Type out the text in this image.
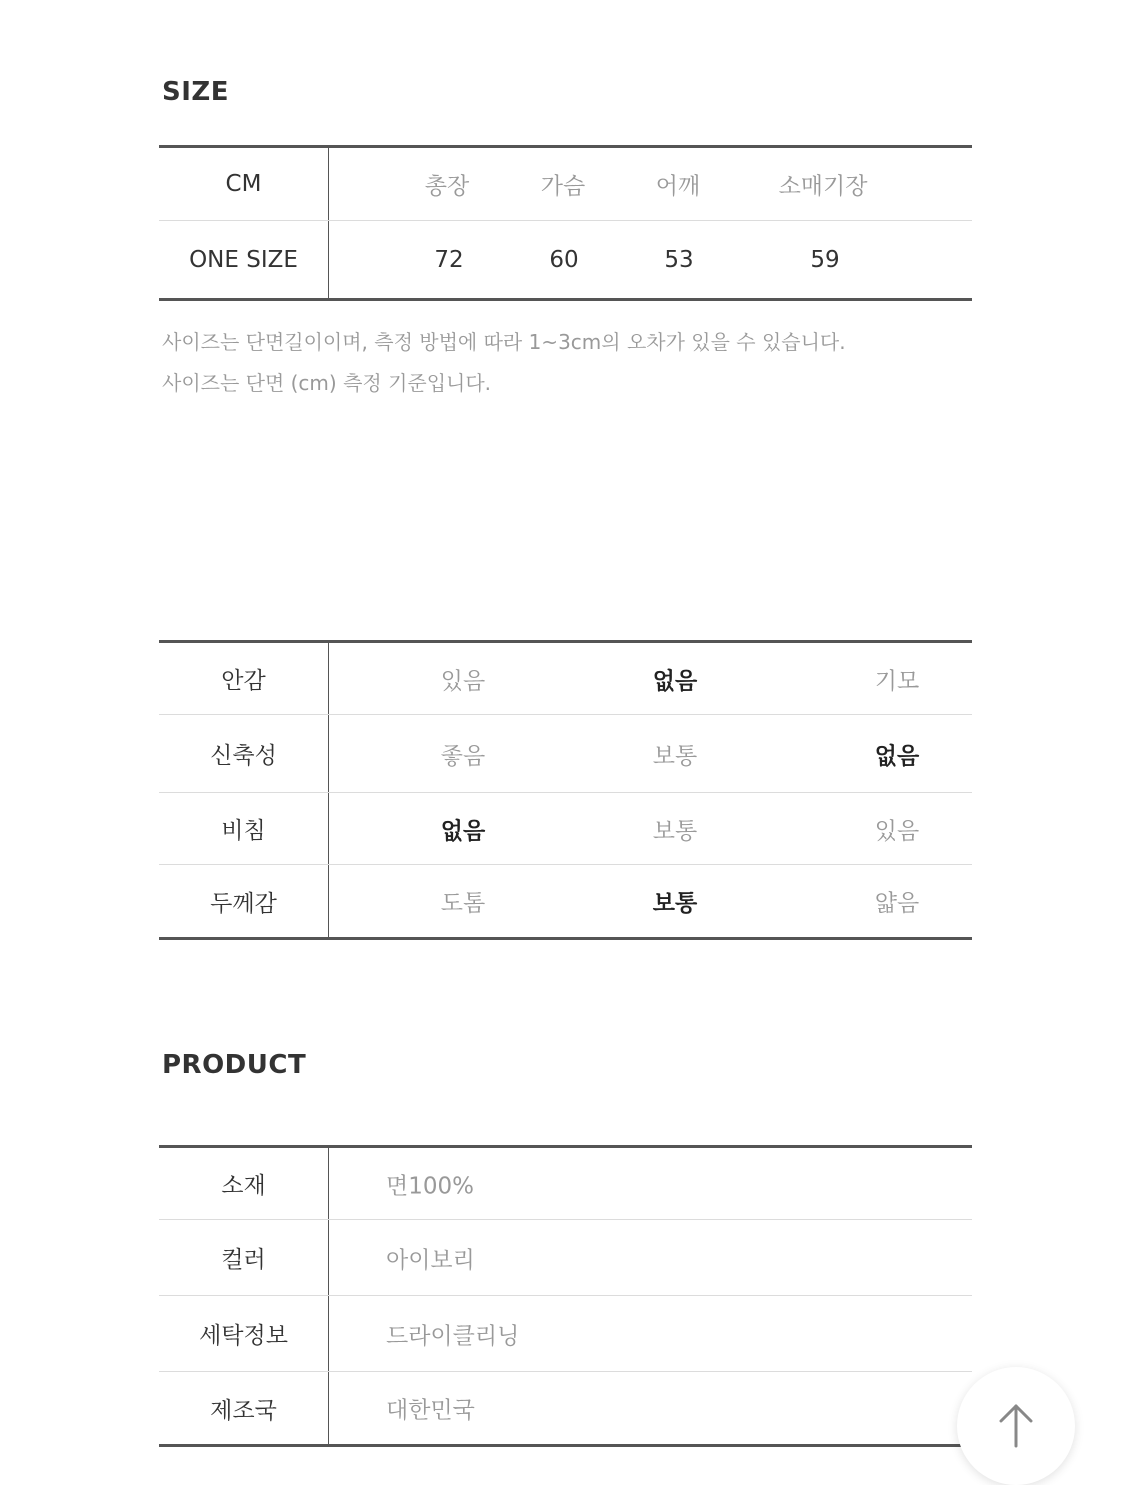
SIZE
CM	총장	가슴	어깨	소매기장
ONE SIZE	72	60	53	59

사이즈는 단면길이이며, 측정 방법에 따라 1~3cm의 오차가 있을 수 있습니다.

사이즈는 단면 (cm) 측정 기준입니다.

안감	있음	없음	기모
신축성	좋음	보통	없음
비침	없음	보통	있음
두께감	도톰	보통	얇음
PRODUCT
소재	면100%
컬러	아이보리
세탁정보	드라이클리닝
제조국	대한민국
